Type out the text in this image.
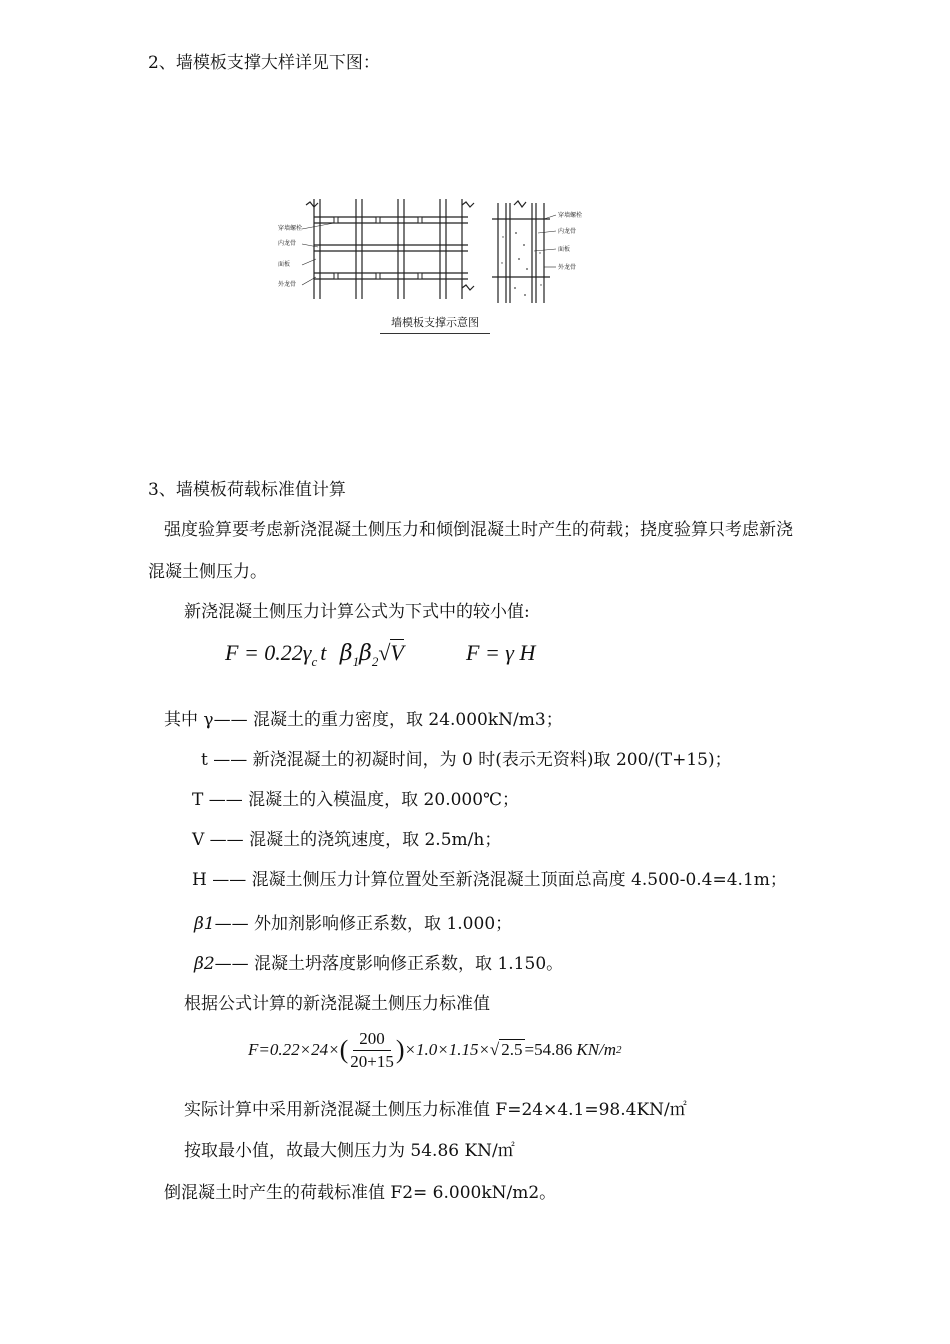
2、墙模板支撑大样详见下图：
穿墙螺栓
内龙骨
面板
外龙骨
穿墙螺栓
内龙骨
面板
外龙骨
墙模板支撑示意图
3、墙模板荷载标准值计算
强度验算要考虑新浇混凝土侧压力和倾倒混凝土时产生的荷载；挠度验算只考虑新浇
混凝土侧压力。
新浇混凝土侧压力计算公式为下式中的较小值:
$F = 0.22\gamma_c$ t $\beta_1\beta_2√V$	F = γ H
其中 γ—— 混凝土的重力密度，取 24.000kN/m3；
t —— 新浇混凝土的初凝时间，为 0 时(表示无资料)取 200/(T+15)；
T —— 混凝土的入模温度，取 20.000℃；
V —— 混凝土的浇筑速度，取 2.5m/h；
H —— 混凝土侧压力计算位置处至新浇混凝土顶面总高度 4.500-0.4=4.1m；
β1—— 外加剂影响修正系数，取 1.000；
β2—— 混凝土坍落度影响修正系数，取 1.150。
根据公式计算的新浇混凝土侧压力标准值
F=0.22×24× ( $\frac{200}{20+15}$ ) ×1.0×1.15× √ 2.5 =54.86 KN/m 2
实际计算中采用新浇混凝土侧压力标准值 F=24×4.1=98.4KN/㎡
按取最小值，故最大侧压力为 54.86 KN/㎡
倒混凝土时产生的荷载标准值 F2= 6.000kN/m2。
